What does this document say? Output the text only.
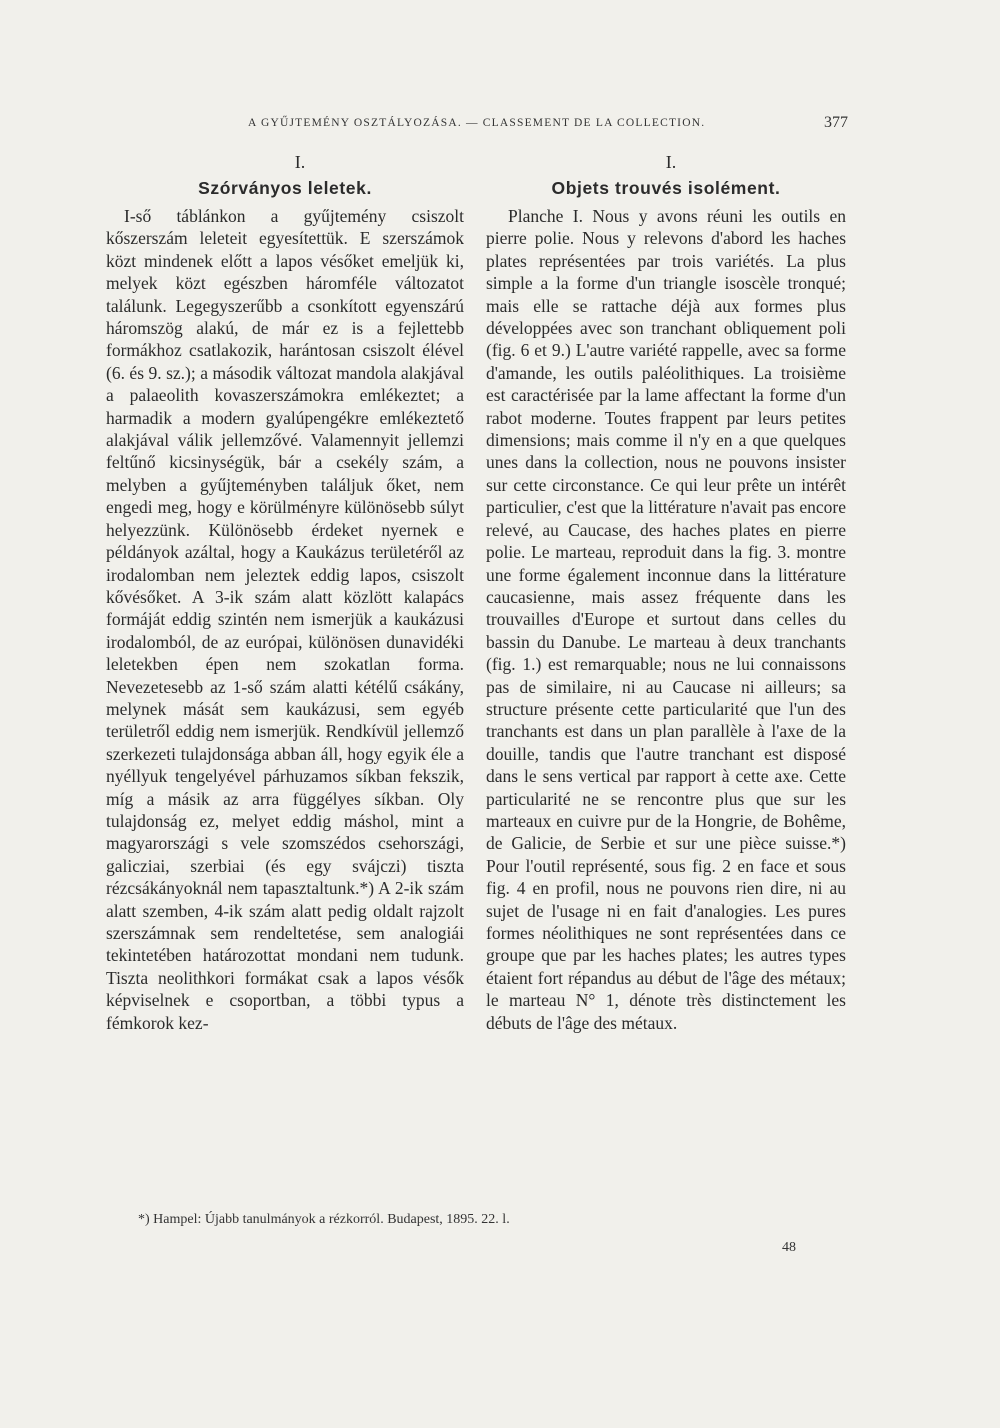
A GYŰJTEMÉNY OSZTÁLYOZÁSA. — CLASSEMENT DE LA COLLECTION.	377
I.
Szórványos leletek.
I-ső táblánkon a gyűjtemény csiszolt kőszerszám leleteit egyesítettük. E szerszámok közt mindenek előtt a lapos vésőket emeljük ki, melyek közt egészben háromféle változatot találunk. Legegyszerűbb a csonkított egyenszárú háromszög alakú, de már ez is a fejlettebb formákhoz csatlakozik, harántosan csiszolt élével (6. és 9. sz.); a második változat mandola alakjával a palaeolith kovaszerszámokra emlékeztet; a harmadik a modern gyalúpengékre emlékeztető alakjával válik jellemzővé. Valamennyit jellemzi feltűnő kicsinységük, bár a csekély szám, a melyben a gyűjteményben találjuk őket, nem engedi meg, hogy e körülményre különösebb súlyt helyezzünk. Különösebb érdeket nyernek e példányok azáltal, hogy a Kaukázus területéről az irodalomban nem jeleztek eddig lapos, csiszolt kővésőket. A 3-ik szám alatt közlött kalapács formáját eddig szintén nem ismerjük a kaukázusi irodalomból, de az európai, különösen dunavidéki leletekben épen nem szokatlan forma. Nevezetesebb az 1-ső szám alatti kétélű csákány, melynek mását sem kaukázusi, sem egyéb területről eddig nem ismerjük. Rendkívül jellemző szerkezeti tulajdonsága abban áll, hogy egyik éle a nyéllyuk tengelyével párhuzamos síkban fekszik, míg a másik az arra függélyes síkban. Oly tulajdonság ez, melyet eddig máshol, mint a magyarországi s vele szomszédos csehországi, galicziai, szerbiai (és egy svájczi) tiszta rézcsákányoknál nem tapasztaltunk.*) A 2-ik szám alatt szemben, 4-ik szám alatt pedig oldalt rajzolt szerszámnak sem rendeltetése, sem analogiái tekintetében határozottat mondani nem tudunk. Tiszta neolithkori formákat csak a lapos vésők képviselnek e csoportban, a többi typus a fémkorok kez-
I.
Objets trouvés isolément.
Planche I. Nous y avons réuni les outils en pierre polie. Nous y relevons d'abord les haches plates représentées par trois variétés. La plus simple a la forme d'un triangle isoscèle tronqué; mais elle se rattache déjà aux formes plus développées avec son tranchant obliquement poli (fig. 6 et 9.) L'autre variété rappelle, avec sa forme d'amande, les outils paléolithiques. La troisième est caractérisée par la lame affectant la forme d'un rabot moderne. Toutes frappent par leurs petites dimensions; mais comme il n'y en a que quelques unes dans la collection, nous ne pouvons insister sur cette circonstance. Ce qui leur prête un intérêt particulier, c'est que la littérature n'avait pas encore relevé, au Caucase, des haches plates en pierre polie. Le marteau, reproduit dans la fig. 3. montre une forme également inconnue dans la littérature caucasienne, mais assez fréquente dans les trouvailles d'Europe et surtout dans celles du bassin du Danube. Le marteau à deux tranchants (fig. 1.) est remarquable; nous ne lui connaissons pas de similaire, ni au Caucase ni ailleurs; sa structure présente cette particularité que l'un des tranchants est dans un plan parallèle à l'axe de la douille, tandis que l'autre tranchant est disposé dans le sens vertical par rapport à cette axe. Cette particularité ne se rencontre plus que sur les marteaux en cuivre pur de la Hongrie, de Bohême, de Galicie, de Serbie et sur une pièce suisse.*) Pour l'outil représenté, sous fig. 2 en face et sous fig. 4 en profil, nous ne pouvons rien dire, ni au sujet de l'usage ni en fait d'analogies. Les pures formes néolithiques ne sont représentées dans ce groupe que par les haches plates; les autres types étaient fort répandus au début de l'âge des métaux; le marteau N° 1, dénote très distinctement les débuts de l'âge des métaux.
*) Hampel: Újabb tanulmányok a rézkorról. Budapest, 1895. 22. l.
48
